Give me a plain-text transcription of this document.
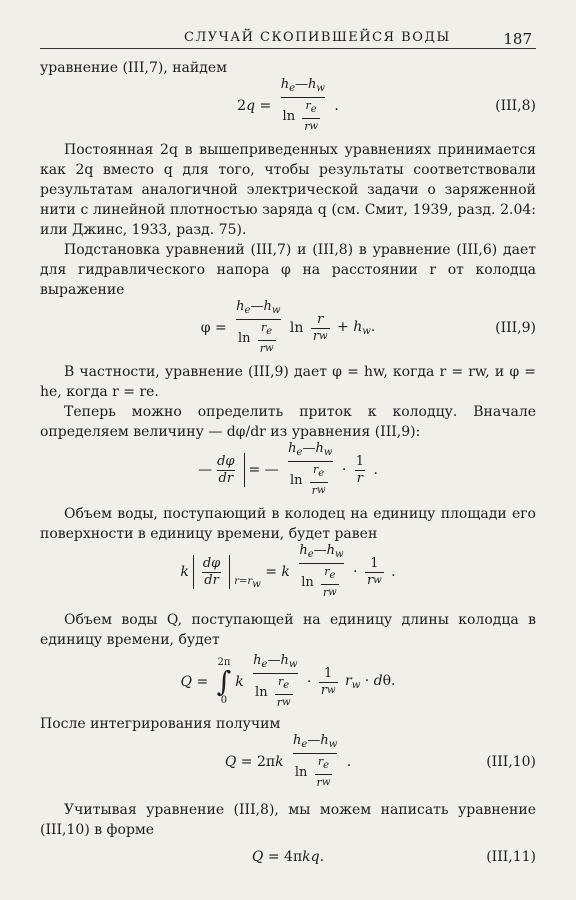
СЛУЧАЙ СКОПИВШЕЙСЯ ВОДЫ	187

уравнение (III,7), найдем

$2q = \frac{h_e—h_w}{\ln \frac{re}{\text{r w}}}$ .	(III,8)

Постоянная 2q в вышеприведенных уравнениях принимается как 2q вместо q для того, чтобы результаты соответствовали результатам аналогичной электрической задачи о заряженной нити с линейной плотностью заряда q (см. Смит, 1939, разд. 2.04: или Джинс, 1933, разд. 75).

Подстановка уравнений (III,7) и (III,8) в уравнение (III,6) дает для гидравлического напора φ на расстоянии r от колодца выражение

$\varphi = \frac{h_e—h_w}{\ln \frac{re}{\text{r w}}}$ $\ln \frac{r}{\text{r w}} + h_w$.	(III,9)

В частности, уравнение (III,9) дает φ = hw, когда r = rw, и φ = he, когда r = re.

Теперь можно определить приток к колодцу. Вначале определяем величину — dφ/dr из уравнения (III,9):

— $\frac{d\varphi}{dr}$ = — $\frac{h_e—h_w}{\ln \frac{re}{\text{r w}}} \cdot \frac{1}{r}$ .

Объем воды, поступающий в колодец на единицу площади его поверхности в единицу времени, будет равен

k $\frac{d\varphi}{dr} r=rw$
= k $\frac{h_e—h_w}{\ln \frac{re}{\text{r w}}} \cdot \frac{1}{\text{r w}}$ .

Объем воды Q, поступающей на единицу длины колодца в единицу времени, будет

Q =
2π
∫
0
k
$\frac{h_e—h_w}{\ln \frac{re}{\text{r w}}} \cdot \frac{1}{\text{r w}} r_w \cdot d\theta$.

После интегрирования получим

$Q = 2\pi k \frac{h_e—h_w}{\ln \frac{re}{\text{r w}}}$ .	(III,10)

Учитывая уравнение (III,8), мы можем написать уравнение (III,10) в форме

Q = 4πkq.	(III,11)
